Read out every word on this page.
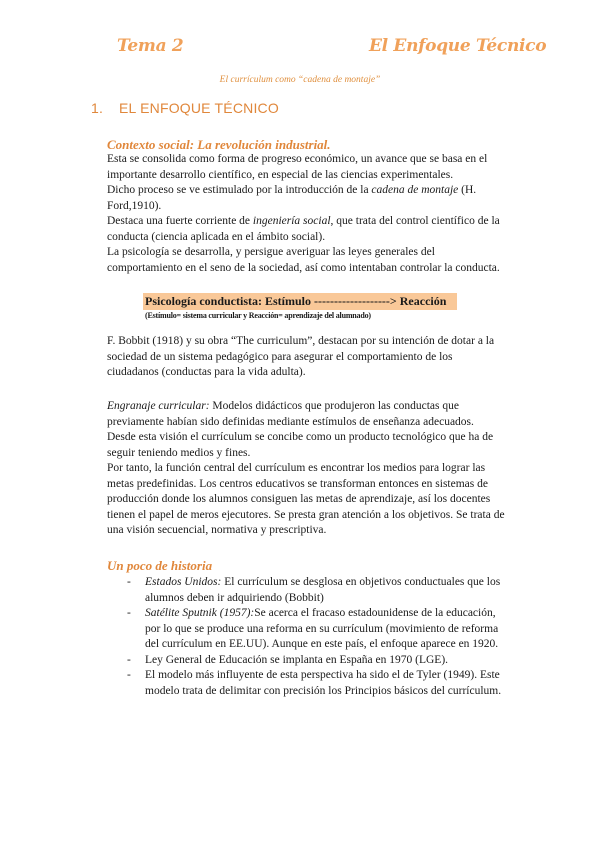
Tema 2	El Enfoque Técnico
El currículum como “cadena de montaje”
1. EL ENFOQUE TÉCNICO
Contexto social: La revolución industrial.

Esta se consolida como forma de progreso económico, un avance que se basa en el

importante desarrollo científico, en especial de las ciencias experimentales.

Dicho proceso se ve estimulado por la introducción de la cadena de montaje (H.

Ford,1910).

Destaca una fuerte corriente de ingeniería social, que trata del control científico de la

conducta (ciencia aplicada en el ámbito social).

La psicología se desarrolla, y persigue averiguar las leyes generales del

comportamiento en el seno de la sociedad, así como intentaban controlar la conducta.

Psicología conductista: Estímulo -------------------> Reacción
(Estímulo= sistema curricular y Reacción= aprendizaje del alumnado)

F. Bobbit (1918) y su obra “The curriculum”, destacan por su intención de dotar a la

sociedad de un sistema pedagógico para asegurar el comportamiento de los

ciudadanos (conductas para la vida adulta).

Engranaje curricular: Modelos didácticos que produjeron las conductas que

previamente habían sido definidas mediante estímulos de enseñanza adecuados.

Desde esta visión el currículum se concibe como un producto tecnológico que ha de

seguir teniendo medios y fines.

Por tanto, la función central del currículum es encontrar los medios para lograr las

metas predefinidas. Los centros educativos se transforman entonces en sistemas de

producción donde los alumnos consiguen las metas de aprendizaje, así los docentes

tienen el papel de meros ejecutores. Se presta gran atención a los objetivos. Se trata de

una visión secuencial, normativa y prescriptiva.

Un poco de historia
- Estados Unidos: El currículum se desglosa en objetivos conductuales que los
alumnos deben ir adquiriendo (Bobbit)
- Satélite Sputnik (1957):Se acerca el fracaso estadounidense de la educación,
por lo que se produce una reforma en su currículum (movimiento de reforma
del currículum en EE.UU). Aunque en este país, el enfoque aparece en 1920.
- Ley General de Educación se implanta en España en 1970 (LGE).
- El modelo más influyente de esta perspectiva ha sido el de Tyler (1949). Este
modelo trata de delimitar con precisión los Principios básicos del currículum.
